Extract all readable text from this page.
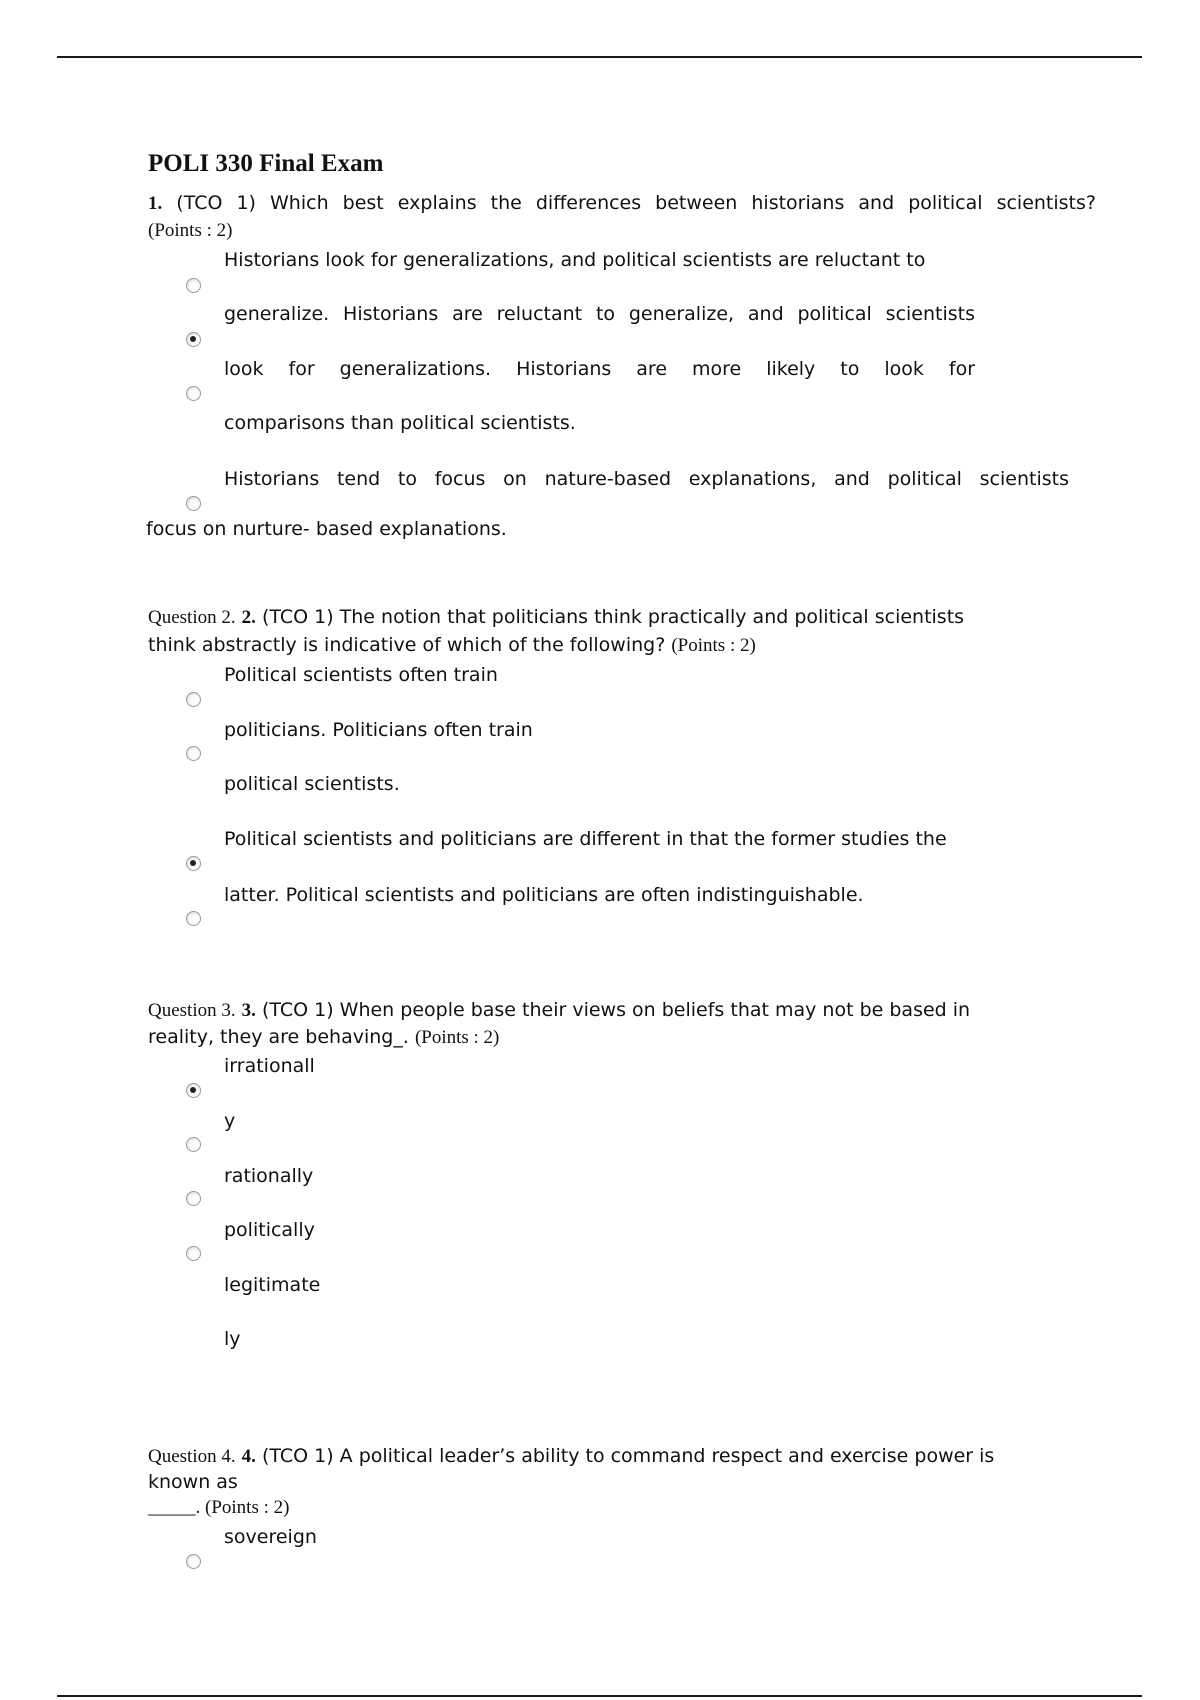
POLI 330 Final Exam
1. (TCO 1) Which best explains the differences between historians and political scientists?
(Points : 2)
Historians look for generalizations, and political scientists are reluctant to
generalize. Historians are reluctant to generalize, and political scientists
look for generalizations. Historians are more likely to look for
comparisons than political scientists.
Historians tend to focus on nature-based explanations, and political scientists
focus on nurture- based explanations.
Question 2. 2. (TCO 1) The notion that politicians think practically and political scientists
think abstractly is indicative of which of the following? (Points : 2)
Political scientists often train
politicians. Politicians often train
political scientists.
Political scientists and politicians are different in that the former studies the
latter. Political scientists and politicians are often indistinguishable.
Question 3. 3. (TCO 1) When people base their views on beliefs that may not be based in
reality, they are behaving_. (Points : 2)
irrationall
y
rationally
politically
legitimate
ly
Question 4. 4. (TCO 1) A political leader’s ability to command respect and exercise power is
known as
_____. (Points : 2)
sovereign
